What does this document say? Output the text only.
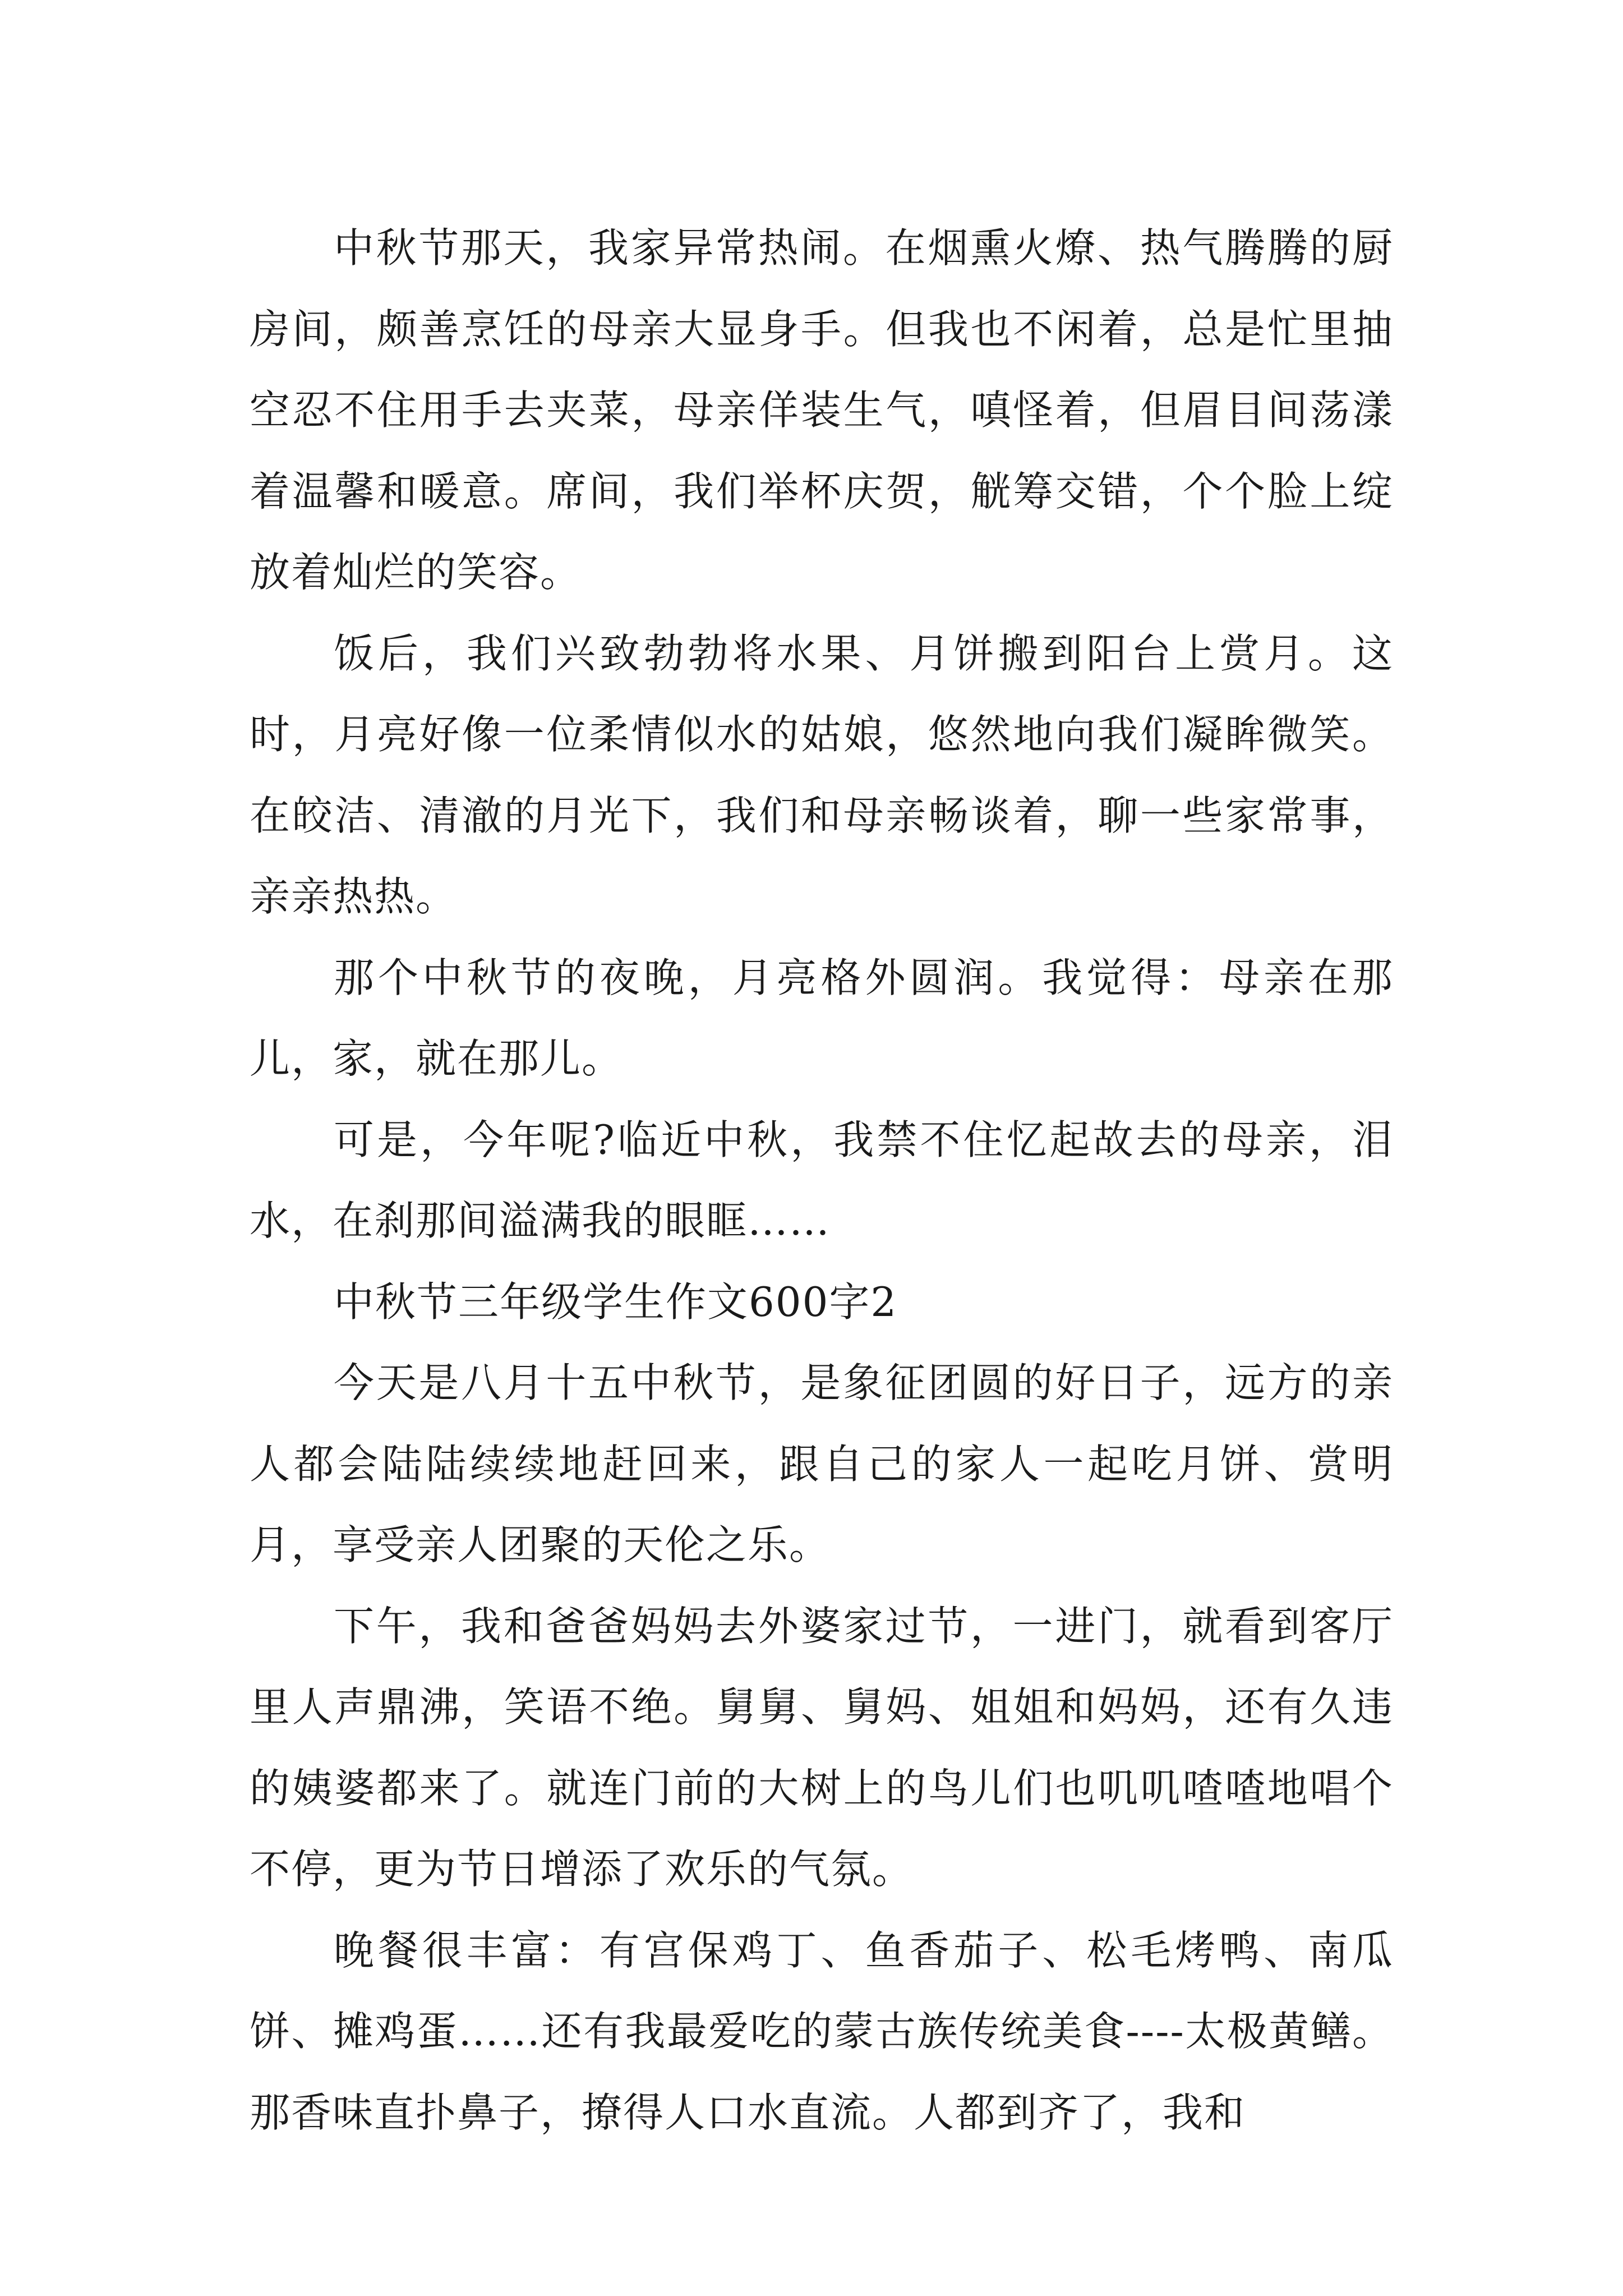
中秋节那天，我家异常热闹。在烟熏火燎、热气腾腾的厨房间，颇善烹饪的母亲大显身手。但我也不闲着，总是忙里抽空忍不住用手去夹菜，母亲佯装生气，嗔怪着，但眉目间荡漾着温馨和暖意。席间，我们举杯庆贺，觥筹交错，个个脸上绽放着灿烂的笑容。

饭后，我们兴致勃勃将水果、月饼搬到阳台上赏月。这时，月亮好像一位柔情似水的姑娘，悠然地向我们凝眸微笑。在皎洁、清澈的月光下，我们和母亲畅谈着，聊一些家常事，亲亲热热。

那个中秋节的夜晚，月亮格外圆润。我觉得：母亲在那儿，家，就在那儿。

可是，今年呢?临近中秋，我禁不住忆起故去的母亲，泪水，在刹那间溢满我的眼眶……

中秋节三年级学生作文600字2

今天是八月十五中秋节，是象征团圆的好日子，远方的亲人都会陆陆续续地赶回来，跟自己的家人一起吃月饼、赏明月，享受亲人团聚的天伦之乐。

下午，我和爸爸妈妈去外婆家过节，一进门，就看到客厅里人声鼎沸，笑语不绝。舅舅、舅妈、姐姐和妈妈，还有久违的姨婆都来了。就连门前的大树上的鸟儿们也叽叽喳喳地唱个不停，更为节日增添了欢乐的气氛。

晚餐很丰富：有宫保鸡丁、鱼香茄子、松毛烤鸭、南瓜饼、摊鸡蛋……还有我最爱吃的蒙古族传统美食----太极黄鳝。那香味直扑鼻子，撩得人口水直流。人都到齐了，我和
